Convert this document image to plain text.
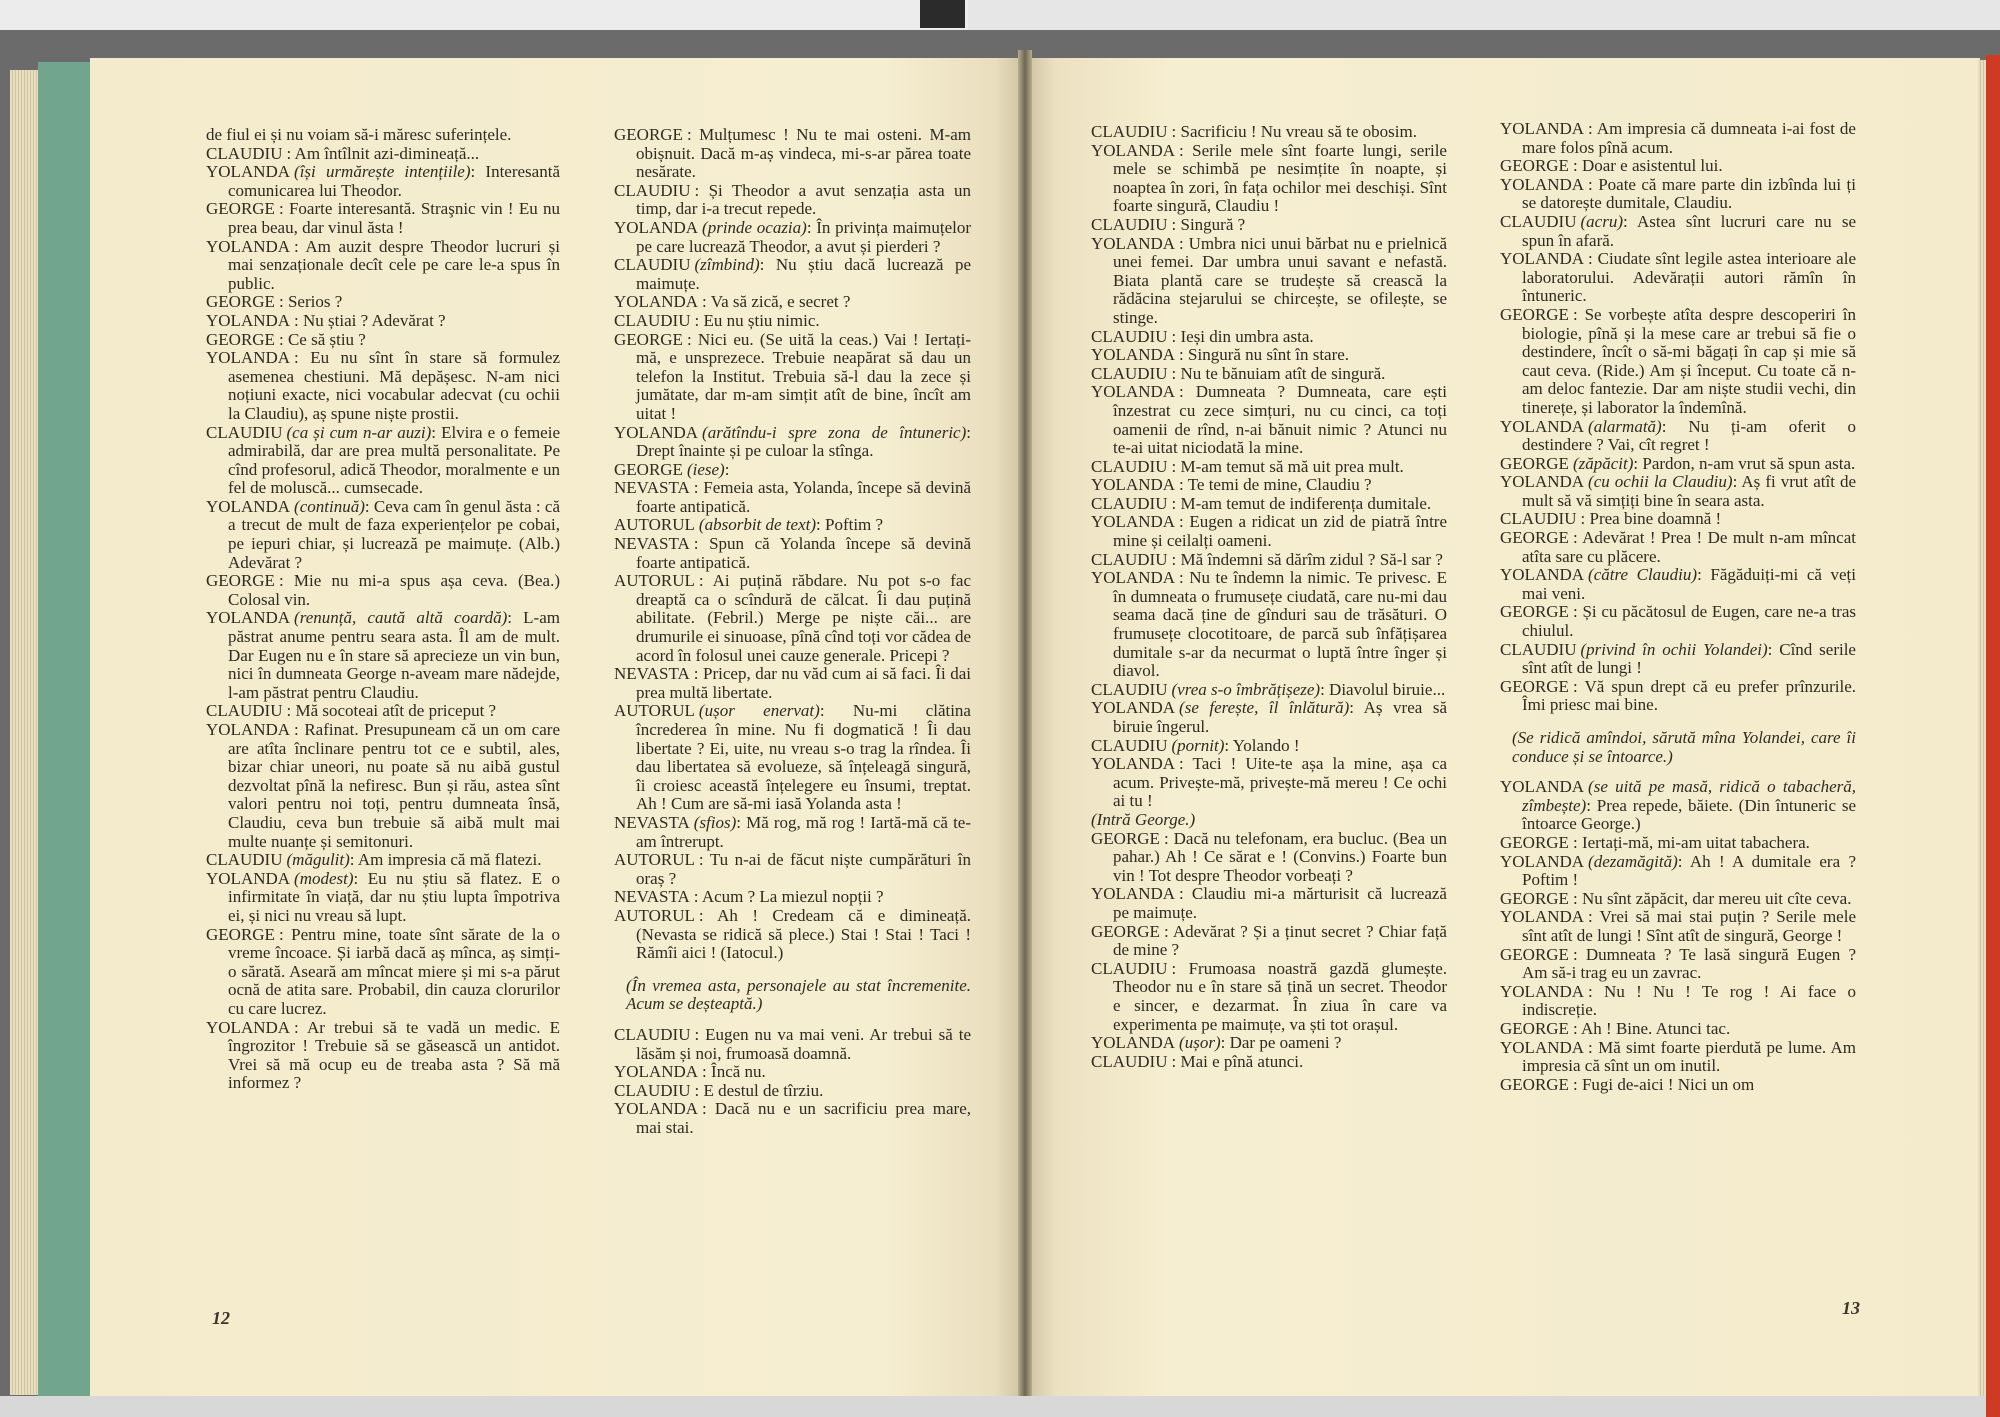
de fiul ei și nu voiam să-i măresc suferințele.

CLAUDIU : Am întîlnit azi-dimineață...

YOLANDA (își urmărește intențiile): Interesantă comunicarea lui Theodor.

GEORGE : Foarte interesantă. Straşnic vin ! Eu nu prea beau, dar vinul ăsta !

YOLANDA : Am auzit despre Theodor lucruri și mai senzaționale decît cele pe care le-a spus în public.

GEORGE : Serios ?

YOLANDA : Nu știai ? Adevărat ?

GEORGE : Ce să știu ?

YOLANDA : Eu nu sînt în stare să formulez asemenea chestiuni. Mă depășesc. N-am nici noțiuni exacte, nici vocabular adecvat (cu ochii la Claudiu), aș spune niște prostii.

CLAUDIU (ca și cum n-ar auzi): Elvira e o femeie admirabilă, dar are prea multă personalitate. Pe cînd profesorul, adică Theodor, moralmente e un fel de moluscă... cumsecade.

YOLANDA (continuă): Ceva cam în genul ăsta : că a trecut de mult de faza experiențelor pe cobai, pe iepuri chiar, și lucrează pe maimuțe. (Alb.) Adevărat ?

GEORGE : Mie nu mi-a spus așa ceva. (Bea.) Colosal vin.

YOLANDA (renunță, caută altă coardă): L-am păstrat anume pentru seara asta. Îl am de mult. Dar Eugen nu e în stare să aprecieze un vin bun, nici în dumneata George n-aveam mare nădejde, l-am păstrat pentru Claudiu.

CLAUDIU : Mă socoteai atît de priceput ?

YOLANDA : Rafinat. Presupuneam că un om care are atîta înclinare pentru tot ce e subtil, ales, bizar chiar uneori, nu poate să nu aibă gustul dezvoltat pînă la nefiresc. Bun și rău, astea sînt valori pentru noi toți, pentru dumneata însă, Claudiu, ceva bun trebuie să aibă mult mai multe nuanțe și semitonuri.

CLAUDIU (măgulit): Am impresia că mă flatezi.

YOLANDA (modest): Eu nu știu să flatez. E o infirmitate în viață, dar nu știu lupta împotriva ei, și nici nu vreau să lupt.

GEORGE : Pentru mine, toate sînt sărate de la o vreme încoace. Și iarbă dacă aș mînca, aș simți-o sărată. Aseară am mîncat miere și mi s-a părut ocnă de atita sare. Probabil, din cauza clorurilor cu care lucrez.

YOLANDA : Ar trebui să te vadă un medic. E îngrozitor ! Trebuie să se găsească un antidot. Vrei să mă ocup eu de treaba asta ? Să mă informez ?

GEORGE : Mulțumesc ! Nu te mai osteni. M-am obișnuit. Dacă m-aș vindeca, mi-s-ar părea toate nesărate.

CLAUDIU : Și Theodor a avut senzația asta un timp, dar i-a trecut repede.

YOLANDA (prinde ocazia): În privința maimuțelor pe care lucrează Theodor, a avut și pierderi ?

CLAUDIU (zîmbind): Nu știu dacă lucrează pe maimuțe.

YOLANDA : Va să zică, e secret ?

CLAUDIU : Eu nu știu nimic.

GEORGE : Nici eu. (Se uită la ceas.) Vai ! Iertați-mă, e unsprezece. Trebuie neapărat să dau un telefon la Institut. Trebuia să-l dau la zece și jumătate, dar m-am simțit atît de bine, încît am uitat !

YOLANDA (arătîndu-i spre zona de întuneric): Drept înainte și pe culoar la stînga.

GEORGE (iese):

NEVASTA : Femeia asta, Yolanda, începe să devină foarte antipatică.

AUTORUL (absorbit de text): Poftim ?

NEVASTA : Spun că Yolanda începe să devină foarte antipatică.

AUTORUL : Ai puțină răbdare. Nu pot s-o fac dreaptă ca o scîndură de călcat. Îi dau puțină abilitate. (Febril.) Merge pe niște căi... are drumurile ei sinuoase, pînă cînd toți vor cădea de acord în folosul unei cauze generale. Pricepi ?

NEVASTA : Pricep, dar nu văd cum ai să faci. Îi dai prea multă libertate.

AUTORUL (ușor enervat): Nu-mi clătina încrederea în mine. Nu fi dogmatică ! Îi dau libertate ? Ei, uite, nu vreau s-o trag la rîndea. Îi dau libertatea să evolueze, să înțeleagă singură, îi croiesc această înțelegere eu însumi, treptat. Ah ! Cum are să-mi iasă Yolanda asta !

NEVASTA (sfios): Mă rog, mă rog ! Iartă-mă că te-am întrerupt.

AUTORUL : Tu n-ai de făcut niște cumpărături în oraș ?

NEVASTA : Acum ? La miezul nopții ?

AUTORUL : Ah ! Credeam că e dimineață. (Nevasta se ridică să plece.) Stai ! Stai ! Taci ! Rămîi aici ! (Iatocul.)

(În vremea asta, personajele au stat încremenite. Acum se deșteaptă.)

CLAUDIU : Eugen nu va mai veni. Ar trebui să te lăsăm și noi, frumoasă doamnă.

YOLANDA : Încă nu.

CLAUDIU : E destul de tîrziu.

YOLANDA : Dacă nu e un sacrificiu prea mare, mai stai.

CLAUDIU : Sacrificiu ! Nu vreau să te obosim.

YOLANDA : Serile mele sînt foarte lungi, serile mele se schimbă pe nesimțite în noapte, și noaptea în zori, în fața ochilor mei deschiși. Sînt foarte singură, Claudiu !

CLAUDIU : Singură ?

YOLANDA : Umbra nici unui bărbat nu e prielnică unei femei. Dar umbra unui savant e nefastă. Biata plantă care se trudește să crească la rădăcina stejarului se chircește, se ofilește, se stinge.

CLAUDIU : Ieși din umbra asta.

YOLANDA : Singură nu sînt în stare.

CLAUDIU : Nu te bănuiam atît de singură.

YOLANDA : Dumneata ? Dumneata, care ești înzestrat cu zece simțuri, nu cu cinci, ca toți oamenii de rînd, n-ai bănuit nimic ? Atunci nu te-ai uitat niciodată la mine.

CLAUDIU : M-am temut să mă uit prea mult.

YOLANDA : Te temi de mine, Claudiu ?

CLAUDIU : M-am temut de indiferența dumitale.

YOLANDA : Eugen a ridicat un zid de piatră între mine și ceilalți oameni.

CLAUDIU : Mă îndemni să dărîm zidul ? Să-l sar ?

YOLANDA : Nu te îndemn la nimic. Te privesc. E în dumneata o frumusețe ciudată, care nu-mi dau seama dacă ține de gînduri sau de trăsături. O frumusețe clocotitoare, de parcă sub înfățișarea dumitale s-ar da necurmat o luptă între înger și diavol.

CLAUDIU (vrea s-o îmbrățișeze): Diavolul biruie...

YOLANDA (se ferește, îl înlătură): Aș vrea să biruie îngerul.

CLAUDIU (pornit): Yolando !

YOLANDA : Taci ! Uite-te așa la mine, așa ca acum. Privește-mă, privește-mă mereu ! Ce ochi ai tu !

(Intră George.)

GEORGE : Dacă nu telefonam, era bucluc. (Bea un pahar.) Ah ! Ce sărat e ! (Convins.) Foarte bun vin ! Tot despre Theodor vorbeați ?

YOLANDA : Claudiu mi-a mărturisit că lucrează pe maimuțe.

GEORGE : Adevărat ? Și a ținut secret ? Chiar față de mine ?

CLAUDIU : Frumoasa noastră gazdă glumește. Theodor nu e în stare să țină un secret. Theodor e sincer, e dezarmat. În ziua în care va experimenta pe maimuțe, va ști tot orașul.

YOLANDA (ușor): Dar pe oameni ?

CLAUDIU : Mai e pînă atunci.

YOLANDA : Am impresia că dumneata i-ai fost de mare folos pînă acum.

GEORGE : Doar e asistentul lui.

YOLANDA : Poate că mare parte din izbînda lui ți se datorește dumitale, Claudiu.

CLAUDIU (acru): Astea sînt lucruri care nu se spun în afară.

YOLANDA : Ciudate sînt legile astea interioare ale laboratorului. Adevărații autori rămîn în întuneric.

GEORGE : Se vorbește atîta despre descoperiri în biologie, pînă și la mese care ar trebui să fie o destindere, încît o să-mi băgați în cap și mie să caut ceva. (Ride.) Am și început. Cu toate că n-am deloc fantezie. Dar am niște studii vechi, din tinerețe, și laborator la îndemînă.

YOLANDA (alarmată): Nu ți-am oferit o destindere ? Vai, cît regret !

GEORGE (zăpăcit): Pardon, n-am vrut să spun asta.

YOLANDA (cu ochii la Claudiu): Aș fi vrut atît de mult să vă simțiți bine în seara asta.

CLAUDIU : Prea bine doamnă !

GEORGE : Adevărat ! Prea ! De mult n-am mîncat atîta sare cu plăcere.

YOLANDA (către Claudiu): Făgăduiți-mi că veți mai veni.

GEORGE : Și cu păcătosul de Eugen, care ne-a tras chiulul.

CLAUDIU (privind în ochii Yolandei): Cînd serile sînt atît de lungi !

GEORGE : Vă spun drept că eu prefer prînzurile. Îmi priesc mai bine.

(Se ridică amîndoi, sărută mîna Yolandei, care îi conduce și se întoarce.)

YOLANDA (se uită pe masă, ridică o tabacheră, zîmbește): Prea repede, băiete. (Din întuneric se întoarce George.)

GEORGE : Iertați-mă, mi-am uitat tabachera.

YOLANDA (dezamăgită): Ah ! A dumitale era ? Poftim !

GEORGE : Nu sînt zăpăcit, dar mereu uit cîte ceva.

YOLANDA : Vrei să mai stai puțin ? Serile mele sînt atît de lungi ! Sînt atît de singură, George !

GEORGE : Dumneata ? Te lasă singură Eugen ? Am să-i trag eu un zavrac.

YOLANDA : Nu ! Nu ! Te rog ! Ai face o indiscreție.

GEORGE : Ah ! Bine. Atunci tac.

YOLANDA : Mă simt foarte pierdută pe lume. Am impresia că sînt un om inutil.

GEORGE : Fugi de-aici ! Nici un om

12	13
